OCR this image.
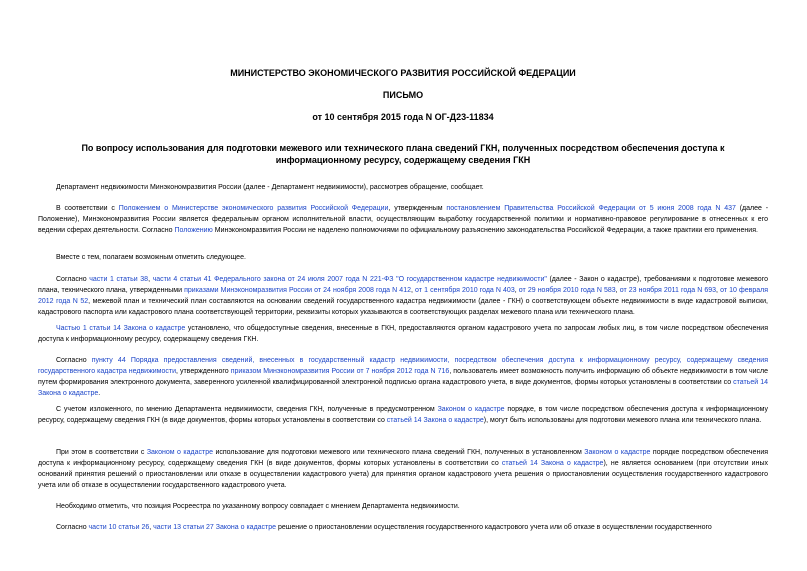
МИНИСТЕРСТВО ЭКОНОМИЧЕСКОГО РАЗВИТИЯ РОССИЙСКОЙ ФЕДЕРАЦИИ
ПИСЬМО
от 10 сентября 2015 года N ОГ-Д23-11834
По вопросу использования для подготовки межевого или технического плана сведений ГКН, полученных посредством обеспечения доступа к информационному ресурсу, содержащему сведения ГКН
Департамент недвижимости Минэкономразвития России (далее - Департамент недвижимости), рассмотрев обращение, сообщает.
В соответствии с Положением о Министерстве экономического развития Российской Федерации, утвержденным постановлением Правительства Российской Федерации от 5 июня 2008 года N 437 (далее - Положение), Минэкономразвития России является федеральным органом исполнительной власти, осуществляющим выработку государственной политики и нормативно-правовое регулирование в отнесенных к его ведении сферах деятельности. Согласно Положению Минэкономразвития России не наделено полномочиями по официальному разъяснению законодательства Российской Федерации, а также практики его применения.
Вместе с тем, полагаем возможным отметить следующее.
Согласно части 1 статьи 38, части 4 статьи 41 Федерального закона от 24 июля 2007 года N 221-ФЗ "О государственном кадастре недвижимости" (далее - Закон о кадастре), требованиями к подготовке межевого плана, технического плана, утвержденными приказами Минэкономразвития России от 24 ноября 2008 года N 412, от 1 сентября 2010 года N 403, от 29 ноября 2010 года N 583, от 23 ноября 2011 года N 693, от 10 февраля 2012 года N 52, межевой план и технический план составляются на основании сведений государственного кадастра недвижимости (далее - ГКН) о соответствующем объекте недвижимости в виде кадастровой выписки, кадастрового паспорта или кадастрового плана соответствующей территории, реквизиты которых указываются в соответствующих разделах межевого плана или технического плана.
Частью 1 статьи 14 Закона о кадастре установлено, что общедоступные сведения, внесенные в ГКН, предоставляются органом кадастрового учета по запросам любых лиц, в том числе посредством обеспечения доступа к информационному ресурсу, содержащему сведения ГКН.
Согласно пункту 44 Порядка предоставления сведений, внесенных в государственный кадастр недвижимости, посредством обеспечения доступа к информационному ресурсу, содержащему сведения государственного кадастра недвижимости, утвержденного приказом Минэкономразвития России от 7 ноября 2012 года N 716, пользователь имеет возможность получить информацию об объекте недвижимости в том числе путем формирования электронного документа, заверенного усиленной квалифицированной электронной подписью органа кадастрового учета, в виде документов, формы которых установлены в соответствии со статьей 14 Закона о кадастре.
С учетом изложенного, по мнению Департамента недвижимости, сведения ГКН, полученные в предусмотренном Законом о кадастре порядке, в том числе посредством обеспечения доступа к информационному ресурсу, содержащему сведения ГКН (в виде документов, формы которых установлены в соответствии со статьей 14 Закона о кадастре), могут быть использованы для подготовки межевого плана или технического плана.
При этом в соответствии с Законом о кадастре использование для подготовки межевого или технического плана сведений ГКН, полученных в установленном Законом о кадастре порядке посредством обеспечения доступа к информационному ресурсу, содержащему сведения ГКН (в виде документов, формы которых установлены в соответствии со статьей 14 Закона о кадастре), не является основанием (при отсутствии иных оснований принятия решений о приостановлении или отказе в осуществлении кадастрового учета) для принятия органом кадастрового учета решения о приостановлении осуществления государственного кадастрового учета или об отказе в осуществлении государственного кадастрового учета.
Необходимо отметить, что позиция Росреестра по указанному вопросу совпадает с мнением Департамента недвижимости.
Согласно части 10 статьи 26, части 13 статьи 27 Закона о кадастре решение о приостановлении осуществления государственного кадастрового учета или об отказе в осуществлении государственного
